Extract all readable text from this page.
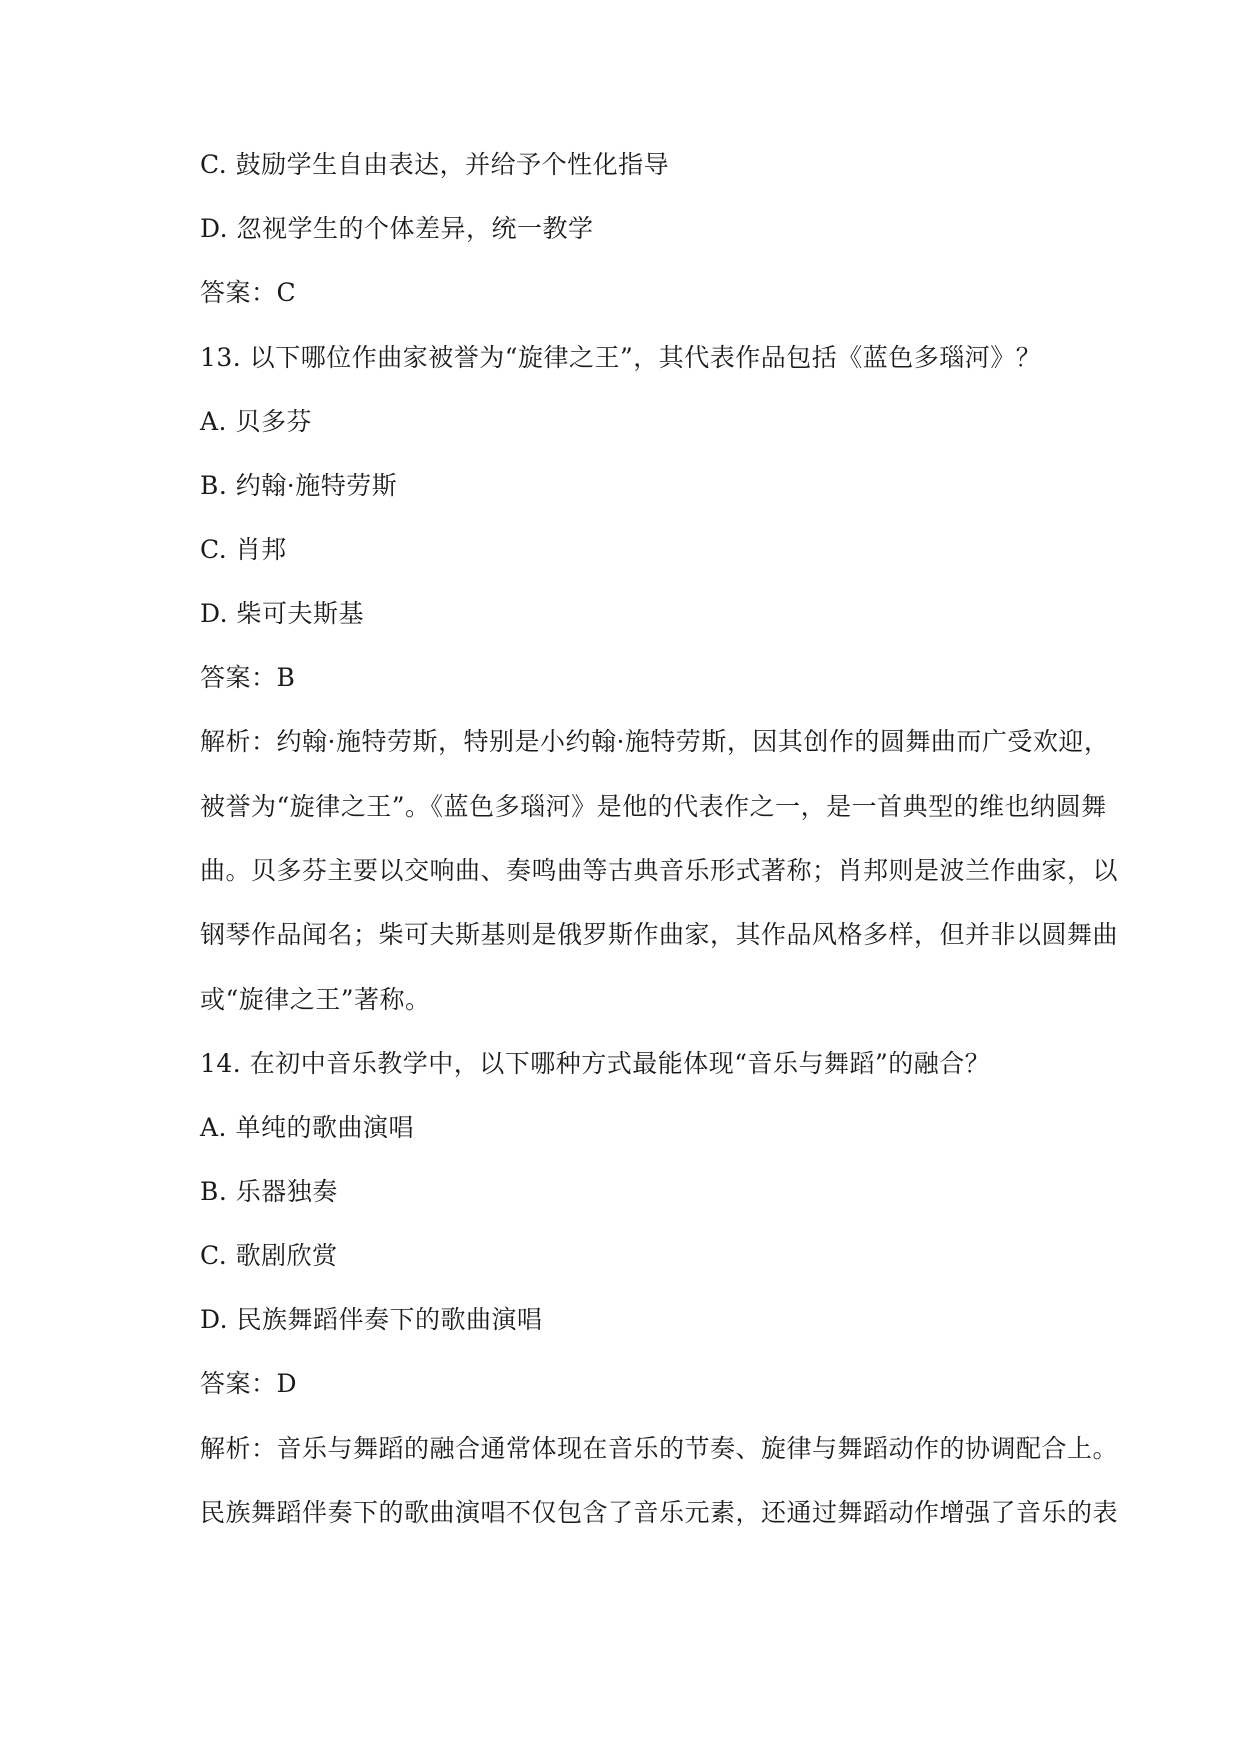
C. 鼓励学生自由表达，并给予个性化指导
D. 忽视学生的个体差异，统一教学
答案：C
13. 以下哪位作曲家被誉为“旋律之王”，其代表作品包括《蓝色多瑙河》？
A. 贝多芬
B. 约翰·施特劳斯
C. 肖邦
D. 柴可夫斯基
答案：B
解析：约翰·施特劳斯，特别是小约翰·施特劳斯，因其创作的圆舞曲而广受欢迎，
被誉为“旋律之王”。《蓝色多瑙河》是他的代表作之一，是一首典型的维也纳圆舞
曲。贝多芬主要以交响曲、奏鸣曲等古典音乐形式著称；肖邦则是波兰作曲家，以
钢琴作品闻名；柴可夫斯基则是俄罗斯作曲家，其作品风格多样，但并非以圆舞曲
或“旋律之王”著称。
14. 在初中音乐教学中，以下哪种方式最能体现“音乐与舞蹈”的融合？
A. 单纯的歌曲演唱
B. 乐器独奏
C. 歌剧欣赏
D. 民族舞蹈伴奏下的歌曲演唱
答案：D
解析：音乐与舞蹈的融合通常体现在音乐的节奏、旋律与舞蹈动作的协调配合上。
民族舞蹈伴奏下的歌曲演唱不仅包含了音乐元素，还通过舞蹈动作增强了音乐的表
